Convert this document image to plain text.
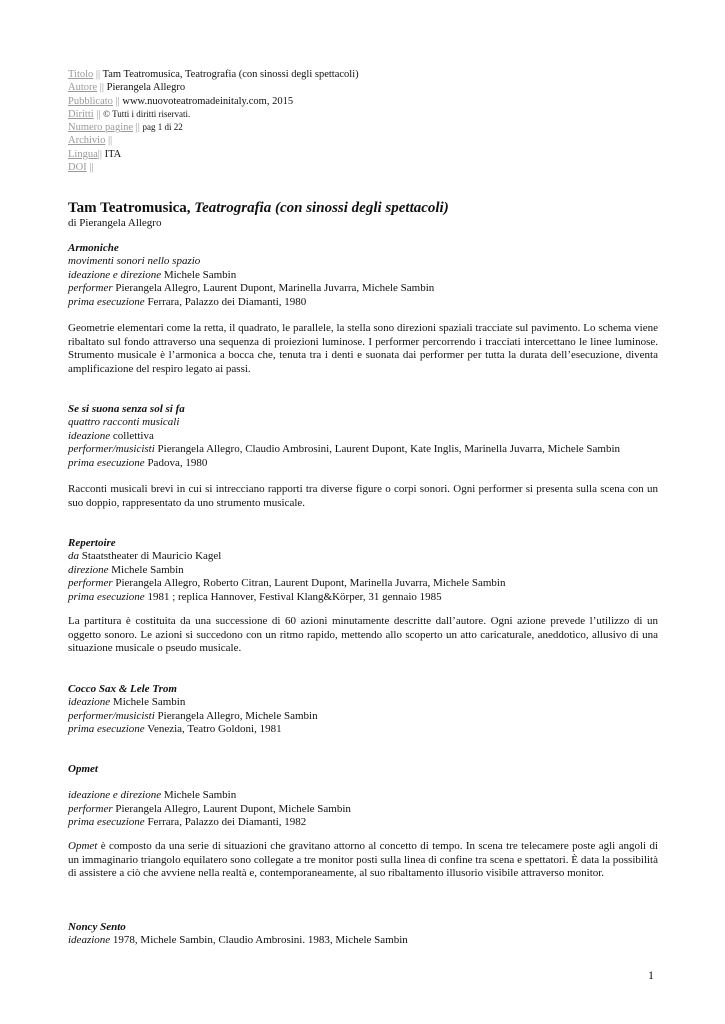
Titolo || Tam Teatromusica, Teatrografia (con sinossi degli spettacoli)
Autore || Pierangela Allegro
Pubblicato || www.nuovoteatromadeinitaly.com, 2015
Diritti || © Tutti i diritti riservati.
Numero pagine || pag 1 di 22
Archivio ||
Lingua|| ITA
DOI ||
Tam Teatromusica, Teatrografia (con sinossi degli spettacoli)
di Pierangela Allegro
Armoniche
movimenti sonori nello spazio
ideazione e direzione Michele Sambin
performer Pierangela Allegro, Laurent Dupont, Marinella Juvarra, Michele Sambin
prima esecuzione Ferrara, Palazzo dei Diamanti, 1980
Geometrie elementari come la retta, il quadrato, le parallele, la stella sono direzioni spaziali tracciate sul pavimento. Lo schema viene ribaltato sul fondo attraverso una sequenza di proiezioni luminose. I performer percorrendo i tracciati intercettano le linee luminose. Strumento musicale è l’armonica a bocca che, tenuta tra i denti e suonata dai performer per tutta la durata dell’esecuzione, diventa amplificazione del respiro legato ai passi.
Se si suona senza sol si fa
quattro racconti musicali
ideazione collettiva
performer/musicisti Pierangela Allegro, Claudio Ambrosini, Laurent Dupont, Kate Inglis, Marinella Juvarra, Michele Sambin
prima esecuzione Padova, 1980
Racconti musicali brevi in cui si intrecciano rapporti tra diverse figure o corpi sonori. Ogni performer si presenta sulla scena con un suo doppio, rappresentato da uno strumento musicale.
Repertoire
da Staatstheater di Mauricio Kagel
direzione Michele Sambin
performer Pierangela Allegro, Roberto Citran, Laurent Dupont, Marinella Juvarra, Michele Sambin
prima esecuzione 1981 ; replica Hannover, Festival Klang&Körper, 31 gennaio 1985
La partitura è costituita da una successione di 60 azioni minutamente descritte dall’autore. Ogni azione prevede l’utilizzo di un oggetto sonoro. Le azioni si succedono con un ritmo rapido, mettendo allo scoperto un atto caricaturale, aneddotico, allusivo di una situazione musicale o pseudo musicale.
Cocco Sax & Lele Trom
ideazione Michele Sambin
performer/musicisti Pierangela Allegro, Michele Sambin
prima esecuzione Venezia, Teatro Goldoni, 1981
Opmet
ideazione e direzione Michele Sambin
performer Pierangela Allegro, Laurent Dupont, Michele Sambin
prima esecuzione Ferrara, Palazzo dei Diamanti, 1982
Opmet è composto da una serie di situazioni che gravitano attorno al concetto di tempo. In scena tre telecamere poste agli angoli di un immaginario triangolo equilatero sono collegate a tre monitor posti sulla linea di confine tra scena e spettatori. È data la possibilità di assistere a ciò che avviene nella realtà e, contemporaneamente, al suo ribaltamento illusorio visibile attraverso monitor.
Noncy Sento
ideazione 1978, Michele Sambin, Claudio Ambrosini. 1983, Michele Sambin
1
